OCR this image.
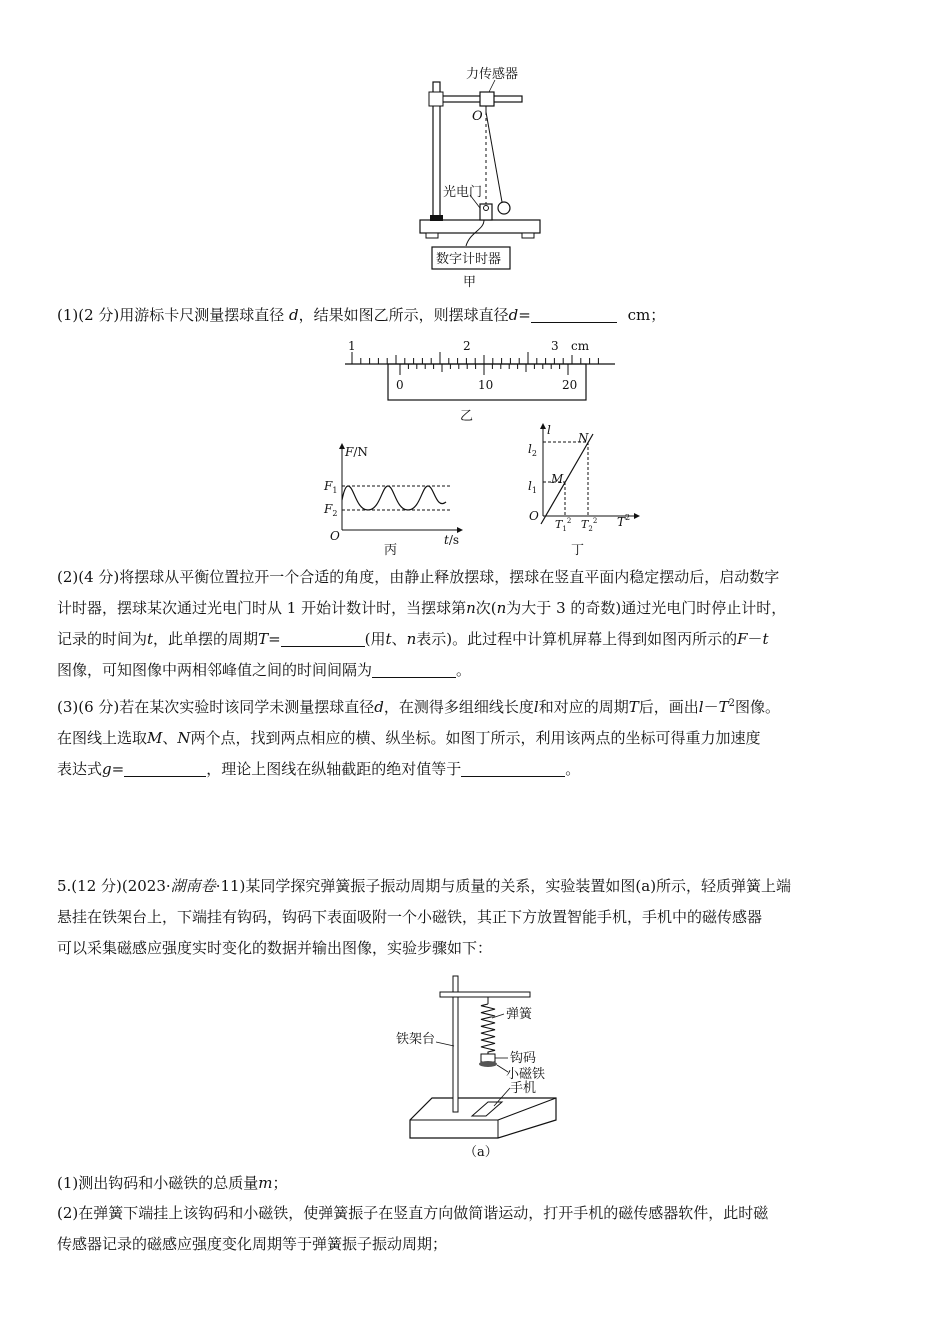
力传感器
O
光电门
数字计时器
甲
(1)(2 分)用游标卡尺测量摆球直径 d，结果如图乙所示，则摆球直径d=	cm；
1	2	3 cm
0	10	20
乙
F/N
$F_1$
$F_2$
O	t/s
丙
l
N
M
$l_2$
$l_1$
O
$T_1^2$ $T_2^2$ $T^2$
丁
(2)(4 分)将摆球从平衡位置拉开一个合适的角度，由静止释放摆球，摆球在竖直平面内稳定摆动后，启动数字
计时器，摆球某次通过光电门时从 1 开始计数计时，当摆球第n次(n为大于 3 的奇数)通过光电门时停止计时，
记录的时间为t，此单摆的周期T=	(用t、n表示)。此过程中计算机屏幕上得到如图丙所示的F－t
图像，可知图像中两相邻峰值之间的时间间隔为	。
(3)(6 分)若在某次实验时该同学未测量摆球直径d，在测得多组细线长度l和对应的周期T后，画出$l-T^2$图像。
在图线上选取M、N两个点，找到两点相应的横、纵坐标。如图丁所示，利用该两点的坐标可得重力加速度
表达式g=	，理论上图线在纵轴截距的绝对值等于	。
5.(12 分)(2023·湖南卷·11)某同学探究弹簧振子振动周期与质量的关系，实验装置如图(a)所示，轻质弹簧上端
悬挂在铁架台上，下端挂有钩码，钩码下表面吸附一个小磁铁，其正下方放置智能手机，手机中的磁传感器
可以采集磁感应强度实时变化的数据并输出图像，实验步骤如下：
弹簧
铁架台
钩码
小磁铁
手机
（a）
(1)测出钩码和小磁铁的总质量m；
(2)在弹簧下端挂上该钩码和小磁铁，使弹簧振子在竖直方向做简谐运动，打开手机的磁传感器软件，此时磁
传感器记录的磁感应强度变化周期等于弹簧振子振动周期；
